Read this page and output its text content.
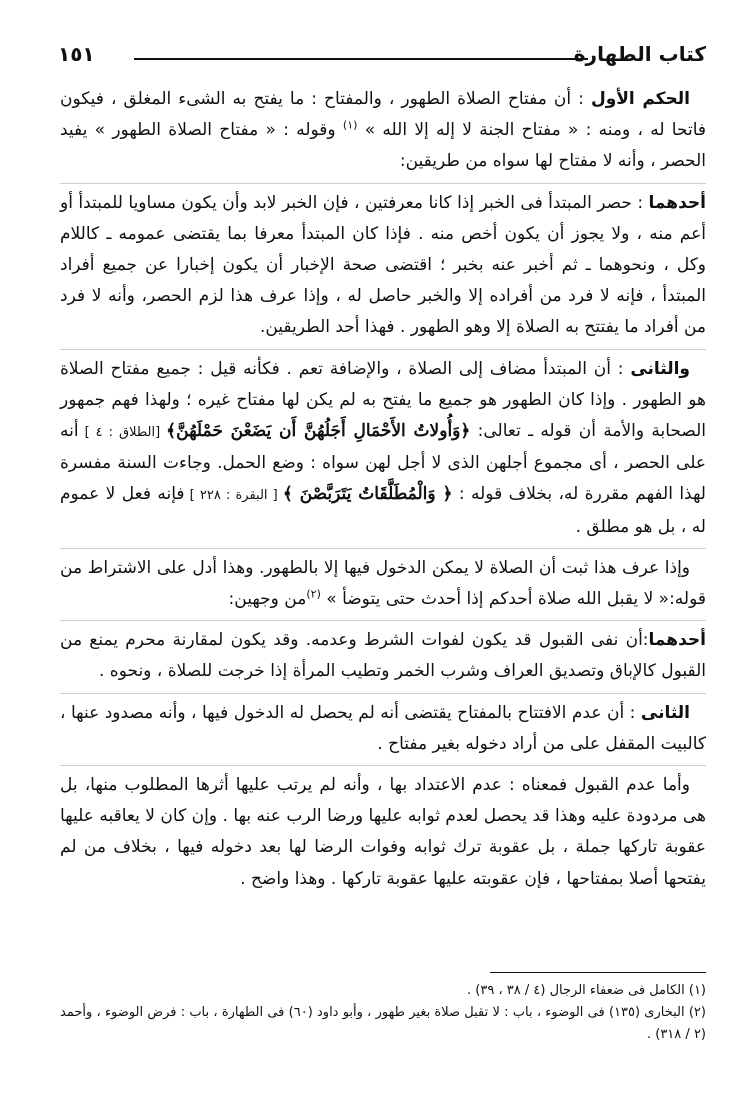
كتاب الطهارة
١٥١

الحكم الأول : أن مفتاح الصلاة الطهور ، والمفتاح : ما يفتح به الشىء المغلق ، فيكون فاتحا له ، ومنه : « مفتاح الجنة لا إله إلا الله » $^{(١)}$ وقوله : « مفتاح الصلاة الطهور » يفيد الحصر ، وأنه لا مفتاح لها سواه من طريقين:

أحدهما : حصر المبتدأ فى الخبر إذا كانا معرفتين ، فإن الخبر لابد وأن يكون مساويا للمبتدأ أو أعم منه ، ولا يجوز أن يكون أخص منه . فإذا كان المبتدأ معرفا بما يقتضى عمومه ـ كاللام وكل ، ونحوهما ـ ثم أخبر عنه بخبر ؛ اقتضى صحة الإخبار أن يكون إخبارا عن جميع أفراد المبتدأ ، فإنه لا فرد من أفراده إلا والخبر حاصل له ، وإذا عرف هذا لزم الحصر، وأنه لا فرد من أفراد ما يفتتح به الصلاة إلا وهو الطهور . فهذا أحد الطريقين.

والثانى : أن المبتدأ مضاف إلى الصلاة ، والإضافة تعم . فكأنه قيل : جميع مفتاح الصلاة هو الطهور . وإذا كان الطهور هو جميع ما يفتح به لم يكن لها مفتاح غيره ؛ ولهذا فهم جمهور الصحابة والأمة أن قوله ـ تعالى: ﴿وَأُولاتُ الأَحْمَالِ أَجَلُهُنَّ أَن يَضَعْنَ حَمْلَهُنَّ﴾ [الطلاق : ٤ ] أنه على الحصر ، أى مجموع أجلهن الذى لا أجل لهن سواه : وضع الحمل. وجاءت السنة مفسرة لهذا الفهم مقررة له، بخلاف قوله : ﴿ وَالْمُطَلَّقَاتُ يَتَرَبَّصْنَ ﴾ [ البقرة : ٢٢٨ ] فإنه فعل لا عموم له ، بل هو مطلق .

وإذا عرف هذا ثبت أن الصلاة لا يمكن الدخول فيها إلا بالطهور. وهذا أدل على الاشتراط من قوله:« لا يقبل الله صلاة أحدكم إذا أحدث حتى يتوضأ » $^{(٢)}$من وجهين:

أحدهما:أن نفى القبول قد يكون لفوات الشرط وعدمه. وقد يكون لمقارنة محرم يمنع من القبول كالإباق وتصديق العراف وشرب الخمر وتطيب المرأة إذا خرجت للصلاة ، ونحوه .

الثانى : أن عدم الافتتاح بالمفتاح يقتضى أنه لم يحصل له الدخول فيها ، وأنه مصدود عنها ، كالبيت المقفل على من أراد دخوله بغير مفتاح .

وأما عدم القبول فمعناه : عدم الاعتداد بها ، وأنه لم يرتب عليها أثرها المطلوب منها، بل هى مردودة عليه وهذا قد يحصل لعدم ثوابه عليها ورضا الرب عنه بها . وإن كان لا يعاقبه عليها عقوبة تاركها جملة ، بل عقوبة ترك ثوابه وفوات الرضا لها بعد دخوله فيها ، بخلاف من لم يفتحها أصلا بمفتاحها ، فإن عقوبته عليها عقوبة تاركها . وهذا واضح .

(١) الكامل فى ضعفاء الرجال (٤ / ٣٨ ، ٣٩) .

(٢) البخارى (١٣٥) فى الوضوء ، باب : لا تقبل صلاة بغير طهور ، وأبو داود (٦٠) فى الطهارة ، باب : فرض الوضوء ، وأحمد (٢ / ٣١٨) .
